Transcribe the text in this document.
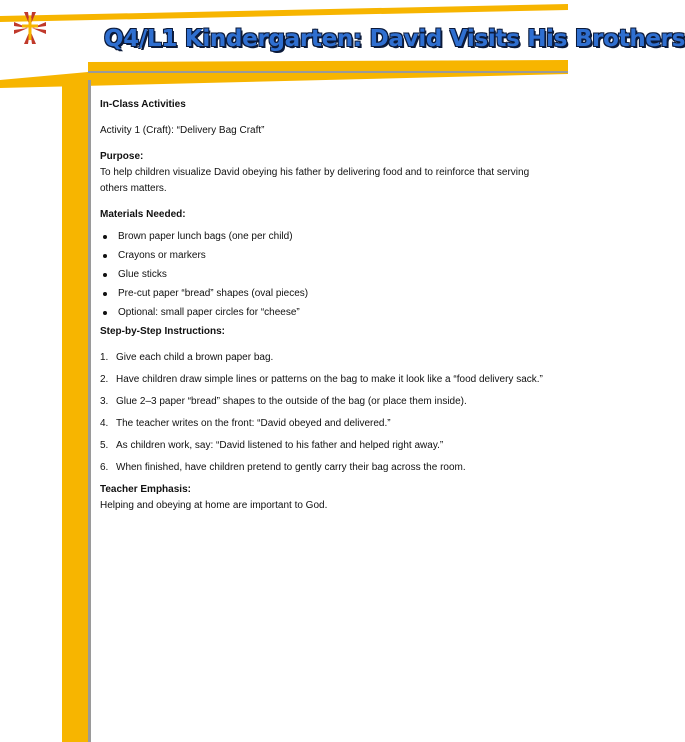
Q4/L1 Kindergarten: David Visits His Brothers

In-Class Activities

Activity 1 (Craft): “Delivery Bag Craft”

Purpose:

To help children visualize David obeying his father by delivering food and to reinforce that serving others matters.

Materials Needed:

Brown paper lunch bags (one per child)
Crayons or markers
Glue sticks
Pre-cut paper “bread” shapes (oval pieces)
Optional: small paper circles for “cheese”

Step-by-Step Instructions:

1. Give each child a brown paper bag.
2. Have children draw simple lines or patterns on the bag to make it look like a “food delivery sack.”
3. Glue 2–3 paper “bread” shapes to the outside of the bag (or place them inside).
4. The teacher writes on the front: “David obeyed and delivered.”
5. As children work, say: “David listened to his father and helped right away.”
6. When finished, have children pretend to gently carry their bag across the room.

Teacher Emphasis:

Helping and obeying at home are important to God.
